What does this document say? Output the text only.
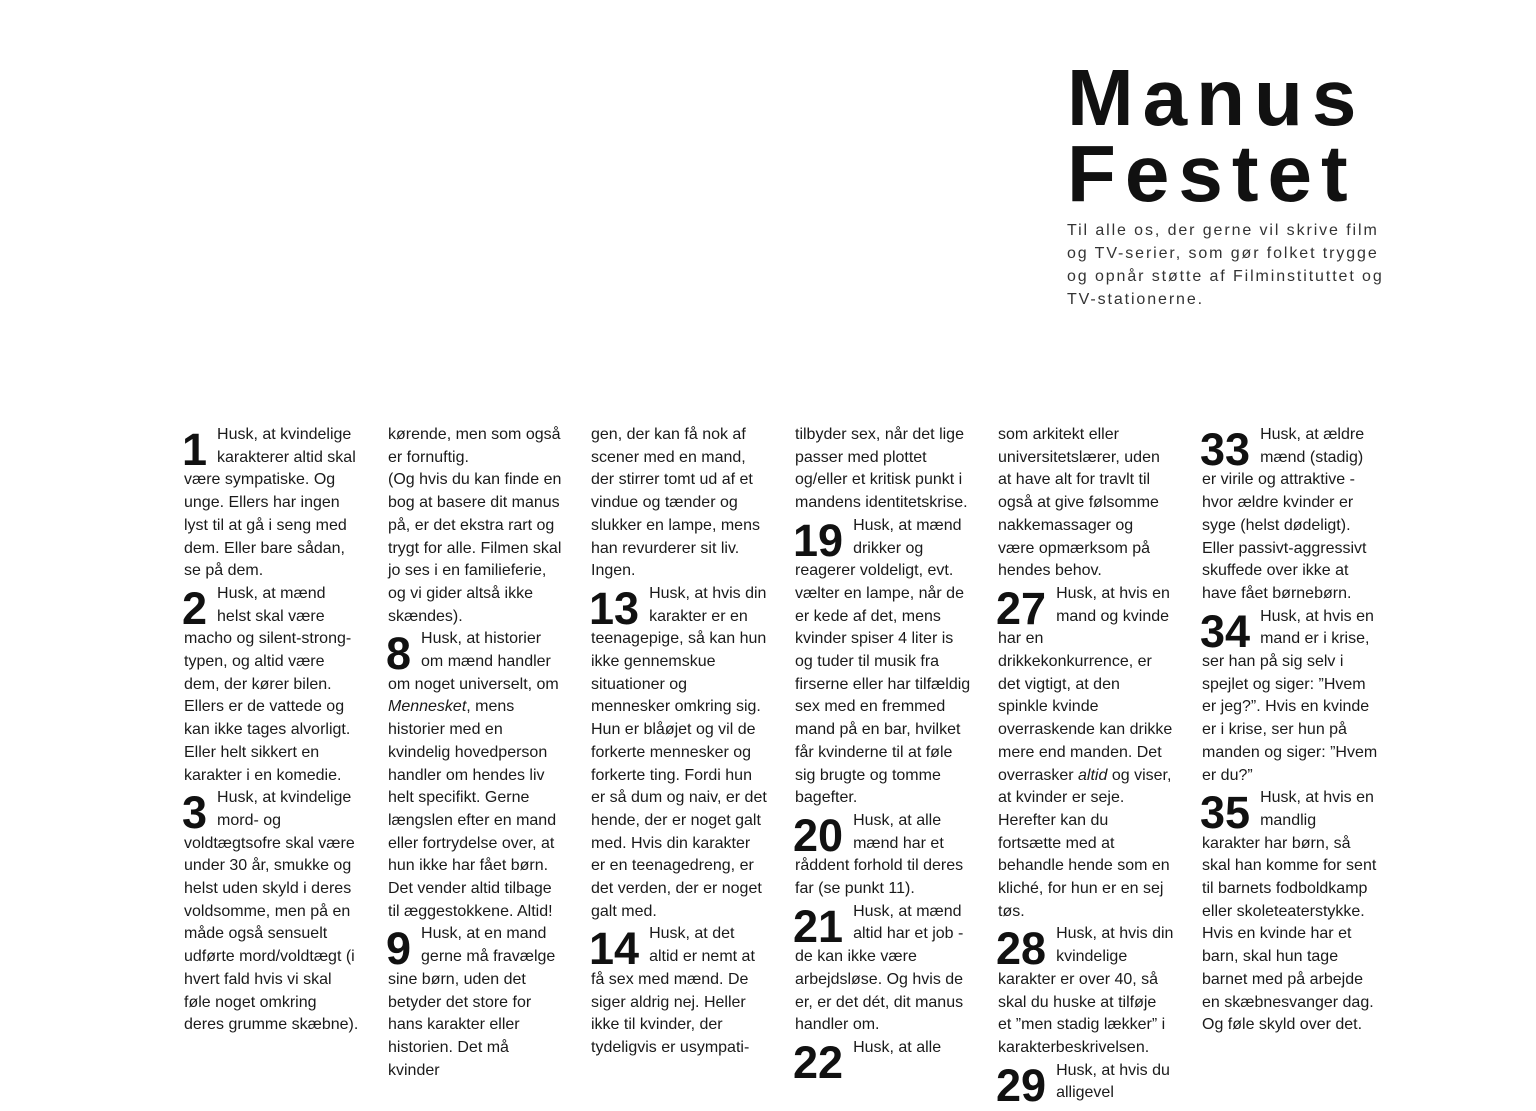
Manus
Festet

Til alle os, der gerne vil skrive film og TV-serier, som gør folket trygge og opnår støtte af Filminstituttet og TV-stationerne.

1 Husk, at kvindelige karakterer altid skal være sympatiske. Og unge. Ellers har ingen lyst til at gå i seng med dem. Eller bare sådan, se på dem.

2 Husk, at mænd helst skal være macho og silent-strong-typen, og altid være dem, der kører bilen. Ellers er de vattede og kan ikke tages alvorligt. Eller helt sikkert en karakter i en komedie.

3 Husk, at kvindelige mord- og voldtægtsofre skal være under 30 år, smukke og helst uden skyld i deres voldsomme, men på en måde også sensuelt udførte mord/voldtægt (i hvert fald hvis vi skal føle noget omkring deres grumme skæbne).

kørende, men som også er fornuftig.

(Og hvis du kan finde en bog at basere dit manus på, er det ekstra rart og trygt for alle. Filmen skal jo ses i en familieferie, og vi gider altså ikke skændes).

8 Husk, at historier om mænd handler om noget universelt, om Mennesket, mens historier med en kvindelig hovedperson handler om hendes liv helt specifikt. Gerne længslen efter en mand eller fortrydelse over, at hun ikke har fået børn. Det vender altid tilbage til æggestokkene. Altid!

9 Husk, at en mand gerne må fravælge sine børn, uden det betyder det store for hans karakter eller historien. Det må kvinder

gen, der kan få nok af scener med en mand, der stirrer tomt ud af et vindue og tænder og slukker en lampe, mens han revurderer sit liv. Ingen.

13 Husk, at hvis din karakter er en teenagepige, så kan hun ikke gennemskue situationer og mennesker omkring sig. Hun er blåøjet og vil de forkerte mennesker og forkerte ting. Fordi hun er så dum og naiv, er det hende, der er noget galt med. Hvis din karakter er en teenagedreng, er det verden, der er noget galt med.

14 Husk, at det altid er nemt at få sex med mænd. De siger aldrig nej. Heller ikke til kvinder, der tydeligvis er usympati-

tilbyder sex, når det lige passer med plottet og/eller et kritisk punkt i mandens identitetskrise.

19 Husk, at mænd drikker og reagerer voldeligt, evt. vælter en lampe, når de er kede af det, mens kvinder spiser 4 liter is og tuder til musik fra firserne eller har tilfældig sex med en fremmed mand på en bar, hvilket får kvinderne til at føle sig brugte og tomme bagefter.

20 Husk, at alle mænd har et råddent forhold til deres far (se punkt 11).

21 Husk, at mænd altid har et job - de kan ikke være arbejdsløse. Og hvis de er, er det dét, dit manus handler om.

22 Husk, at alle

som arkitekt eller universitetslærer, uden at have alt for travlt til også at give følsomme nakkemassager og være opmærksom på hendes behov.

27 Husk, at hvis en mand og kvinde har en drikkekonkurrence, er det vigtigt, at den spinkle kvinde overraskende kan drikke mere end manden. Det overrasker altid og viser, at kvinder er seje. Herefter kan du fortsætte med at behandle hende som en kliché, for hun er en sej tøs.

28 Husk, at hvis din kvindelige karakter er over 40, så skal du huske at tilføje et ”men stadig lækker” i karakterbeskrivelsen.

29 Husk, at hvis du alligevel

33 Husk, at ældre mænd (stadig) er virile og attraktive - hvor ældre kvinder er syge (helst dødeligt). Eller passivt-aggressivt skuffede over ikke at have fået børnebørn.

34 Husk, at hvis en mand er i krise, ser han på sig selv i spejlet og siger: ”Hvem er jeg?”. Hvis en kvinde er i krise, ser hun på manden og siger: ”Hvem er du?”

35 Husk, at hvis en mandlig karakter har børn, så skal han komme for sent til barnets fodboldkamp eller skoleteaterstykke. Hvis en kvinde har et barn, skal hun tage barnet med på arbejde en skæbnesvanger dag. Og føle skyld over det.
